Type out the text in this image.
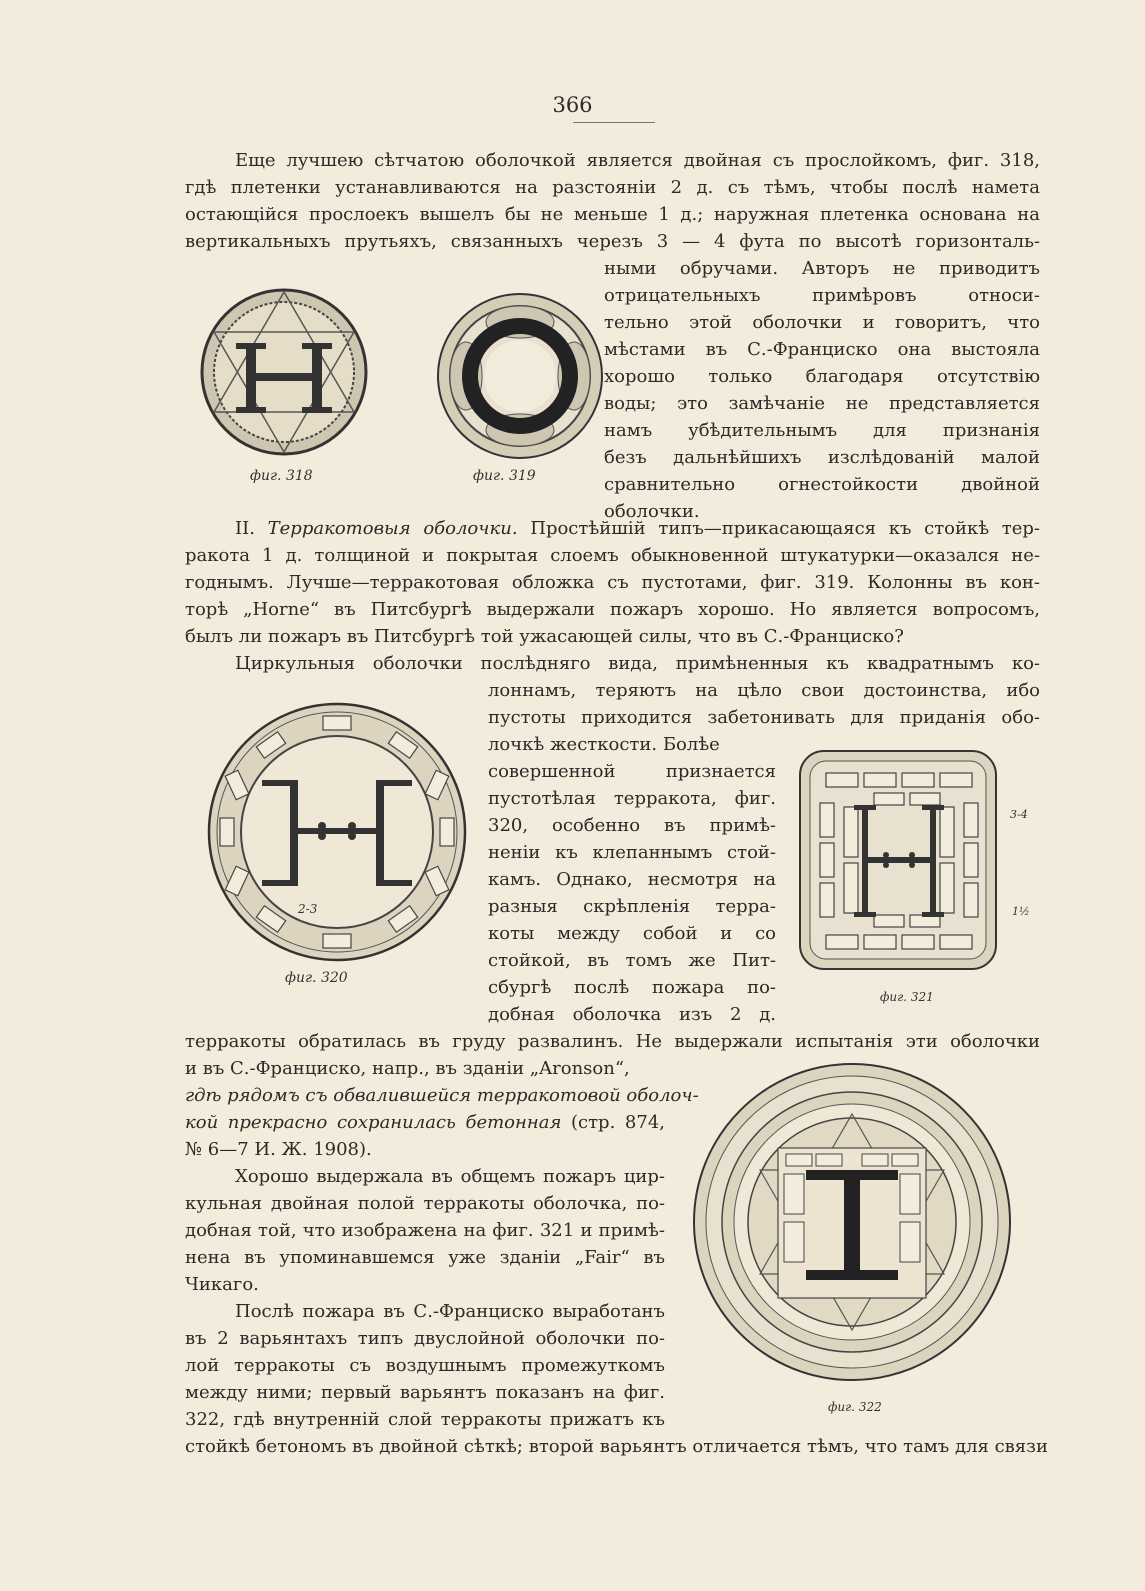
366
Еще лучшею сѣтчатою оболочкой является двойная съ прослойкомъ, фиг. 318,
гдѣ плетенки устанавливаются на разстояніи 2 д. съ тѣмъ, чтобы послѣ намета
остающійся прослоекъ вышелъ бы не меньше 1 д.; наружная плетенка основана на
вертикальныхъ прутьяхъ, связанныхъ черезъ 3 — 4 фута по высотѣ горизонталь-
ными обручами. Авторъ не приводитъ
отрицательныхъ примѣровъ относи-
тельно этой оболочки и говоритъ, что
мѣстами въ С.-Франциско она выстояла
хорошо только благодаря отсутствію
воды; это замѣчаніе не представляется
намъ убѣдительнымъ для признанія
безъ дальнѣйшихъ изслѣдованій малой
сравнительно огнестойкости двойной
оболочки.
фиг. 318	фиг. 319
II. Терракотовыя оболочки. Простѣйшій типъ—прикасающаяся къ стойкѣ тер-
ракота 1 д. толщиной и покрытая слоемъ обыкновенной штукатурки—оказался не-
годнымъ. Лучше—терракотовая обложка съ пустотами, фиг. 319. Колонны въ кон-
торѣ „Horne“ въ Питсбургѣ выдержали пожаръ хорошо. Но является вопросомъ,
былъ ли пожаръ въ Питсбургѣ той ужасающей силы, что въ С.-Франциско?
Циркульныя оболочки послѣдняго вида, примѣненныя къ квадратнымъ ко-
лоннамъ, теряютъ на цѣло свои достоинства, ибо
пустоты приходится забетонивать для приданія обо-
лочкѣ жесткости. Болѣе
совершенной признается
пустотѣлая терракота, фиг.
320, особенно въ примѣ-
неніи къ клепаннымъ стой-
камъ. Однако, несмотря на
разныя скрѣпленія терра-
коты между собой и со
стойкой, въ томъ же Пит-
сбургѣ послѣ пожара по-
добная оболочка изъ 2 д.
2-3
фиг. 320
3-4
1½
фиг. 321
терракоты обратилась въ груду развалинъ. Не выдержали испытанія эти оболочки
и въ С.-Франциско, напр., въ зданіи „Aronson“,
гдѣ рядомъ съ обвалившейся терракотовой оболоч-
кой прекрасно сохранилась бетонная (стр. 874,
№ 6—7 И. Ж. 1908).
Хорошо выдержала въ общемъ пожаръ цир-
кульная двойная полой терракоты оболочка, по-
добная той, что изображена на фиг. 321 и примѣ-
нена въ упоминавшемся уже зданіи „Fair“ въ
Чикаго.
Послѣ пожара въ С.-Франциско выработанъ
въ 2 варьянтахъ типъ двуслойной оболочки по-
лой терракоты съ воздушнымъ промежуткомъ
между ними; первый варьянтъ показанъ на фиг.
322, гдѣ внутренній слой терракоты прижатъ къ
стойкѣ бетономъ въ двойной сѣткѣ; второй варьянтъ отличается тѣмъ, что тамъ для связи
фиг. 322
